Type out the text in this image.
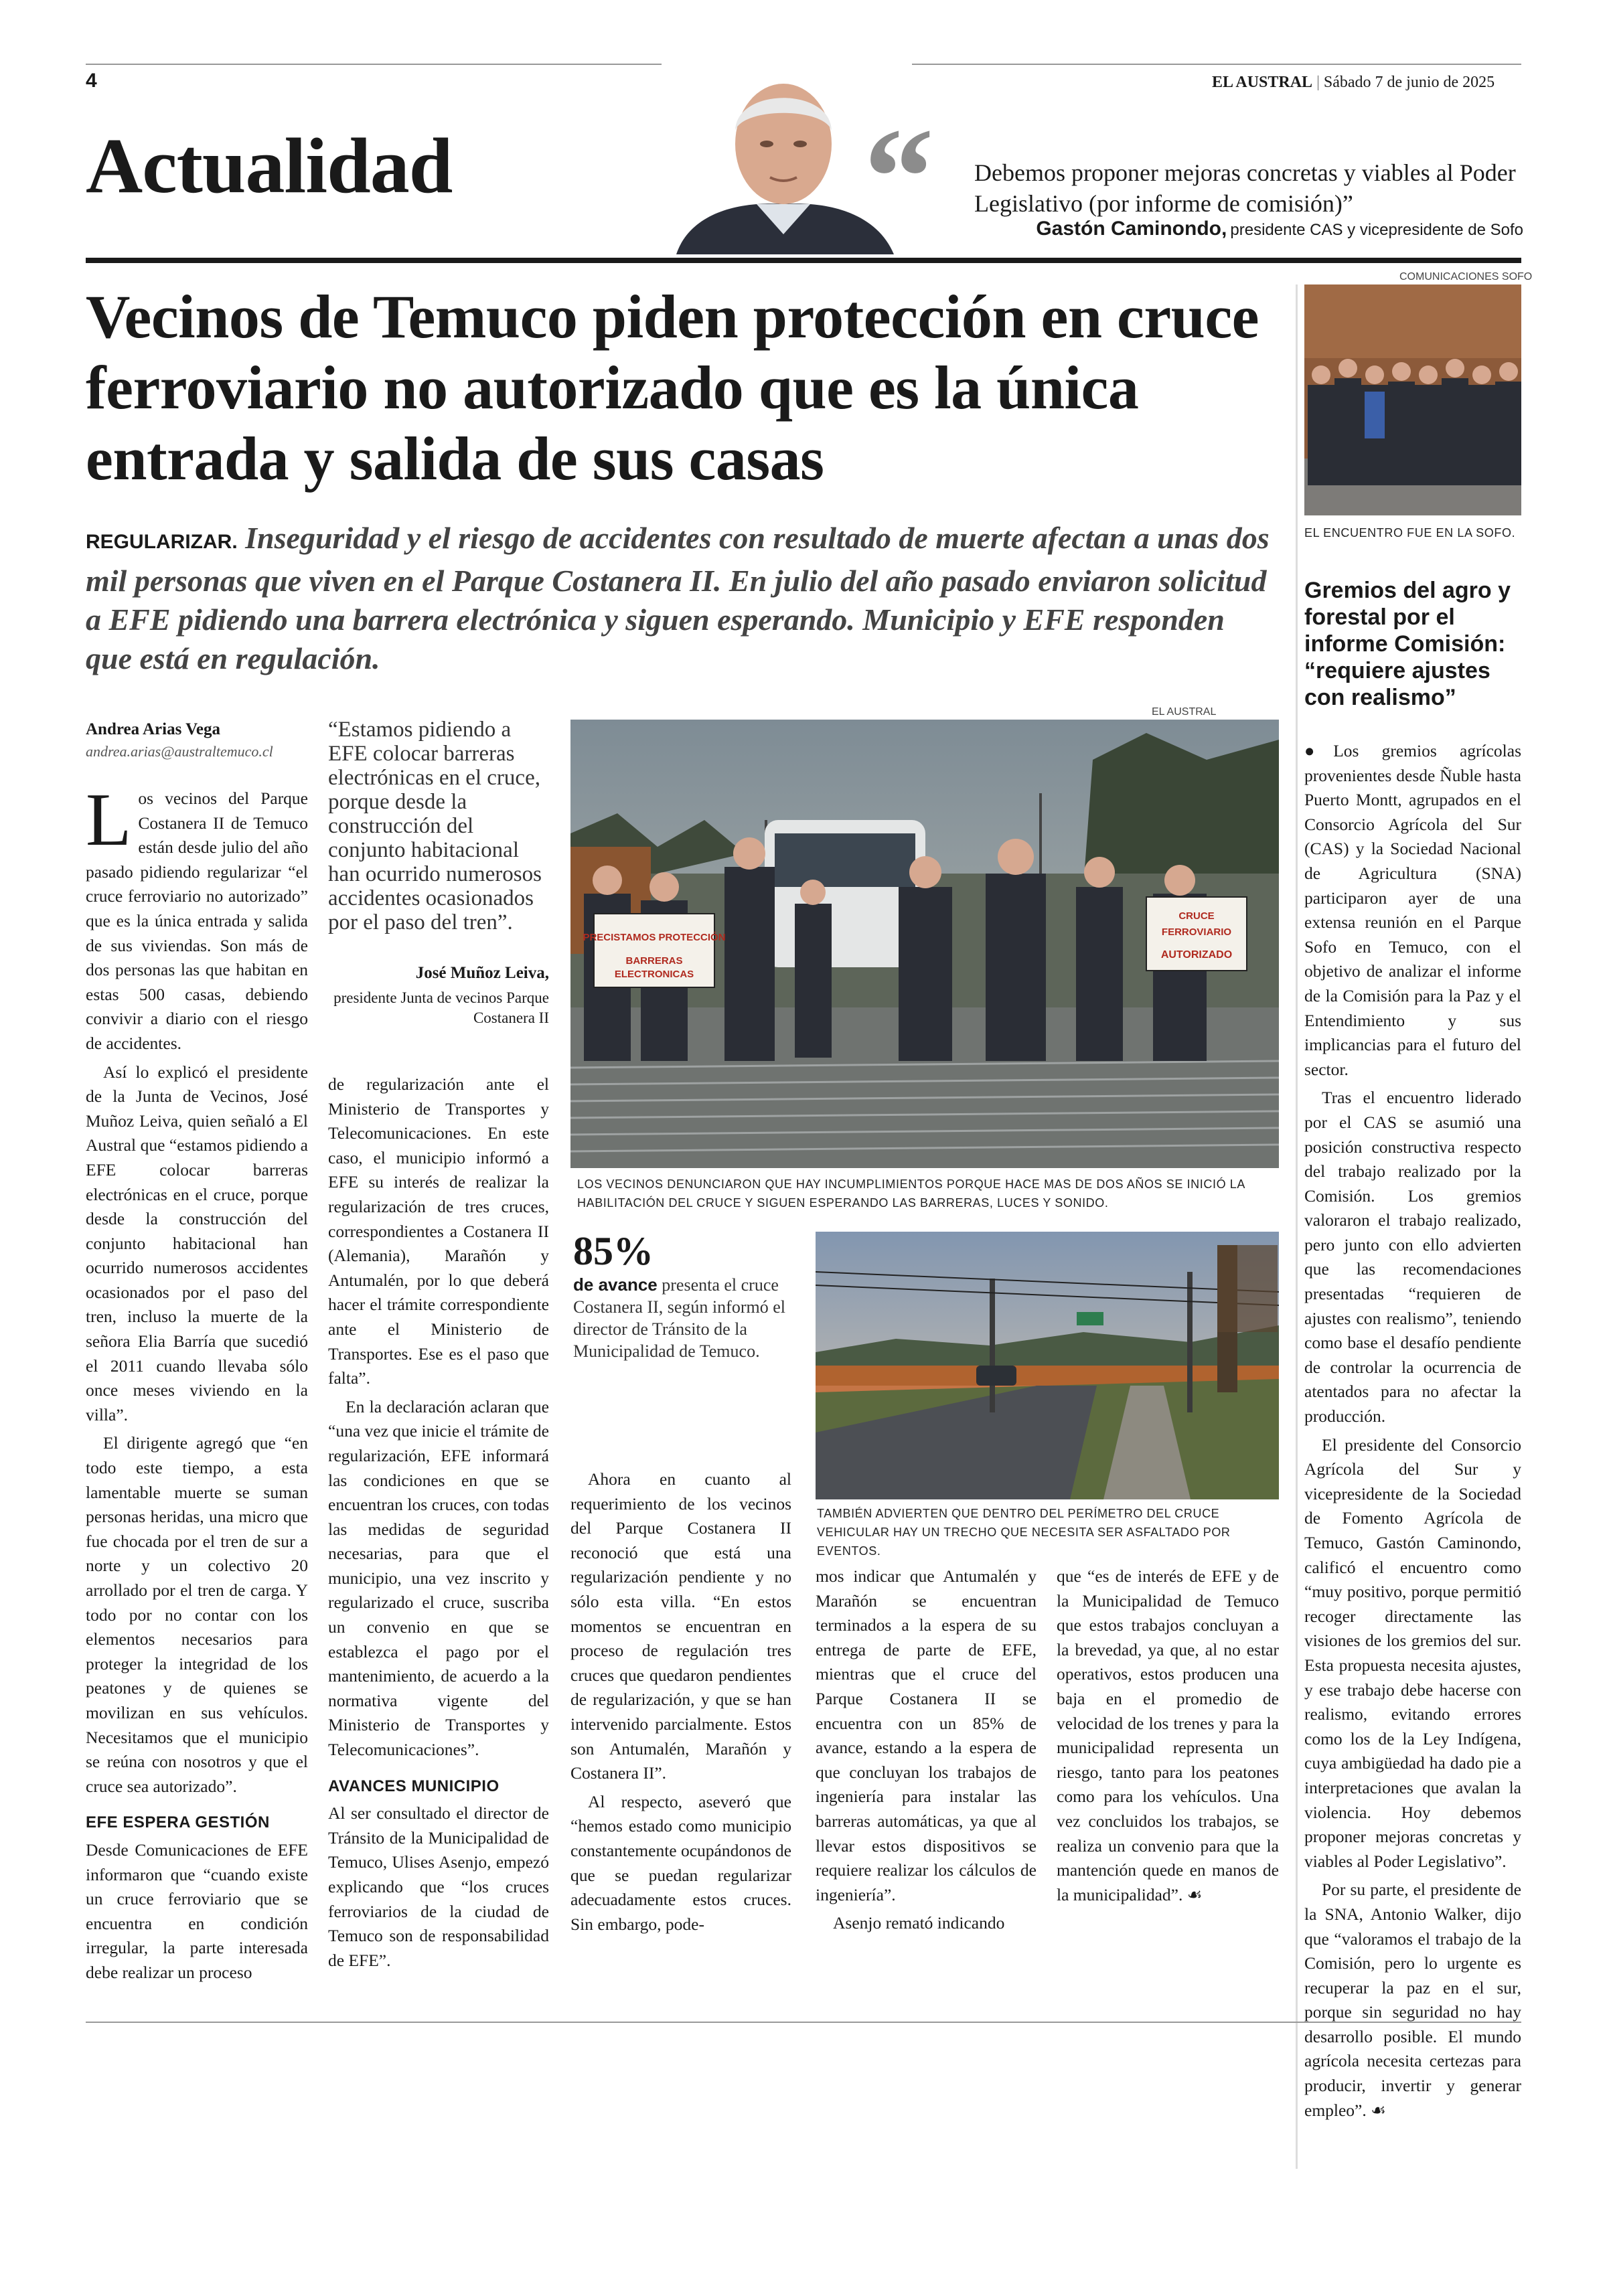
4	EL AUSTRAL | Sábado 7 de junio de 2025
Actualidad	“ Debemos proponer mejoras concretas y viables al Poder Legislativo (por informe de comisión)”
Gastón Caminondo, presidente CAS y vicepresidente de Sofo
Vecinos de Temuco piden protección en cruce ferroviario no autorizado que es la única entrada y salida de sus casas
REGULARIZAR. Inseguridad y el riesgo de accidentes con resultado de muerte afectan a unas dos mil personas que viven en el Parque Costanera II. En julio del año pasado enviaron solicitud a EFE pidiendo una barrera electrónica y siguen esperando. Municipio y EFE responden que está en regulación.
Andrea Arias Vega
andrea.arias@australtemuco.cl

Los vecinos del Parque Costanera II de Temuco están desde julio del año pasado pidiendo regularizar “el cruce ferroviario no autorizado” que es la única entrada y salida de sus viviendas. Son más de dos personas las que habitan en estas 500 casas, debiendo convivir a diario con el riesgo de accidentes.

Así lo explicó el presidente de la Junta de Vecinos, José Muñoz Leiva, quien señaló a El Austral que “estamos pidiendo a EFE colocar barreras electrónicas en el cruce, porque desde la construcción del conjunto habitacional han ocurrido numerosos accidentes ocasionados por el paso del tren, incluso la muerte de la señora Elia Barría que sucedió el 2011 cuando llevaba sólo once meses viviendo en la villa”.

El dirigente agregó que “en todo este tiempo, a esta lamentable muerte se suman personas heridas, una micro que fue chocada por el tren de sur a norte y un colectivo 20 arrollado por el tren de carga. Y todo por no contar con los elementos necesarios para proteger la integridad de los peatones y de quienes se movilizan en sus vehículos. Necesitamos que el municipio se reúna con nosotros y que el cruce sea autorizado”.

EFE ESPERA GESTIÓN

Desde Comunicaciones de EFE informaron que “cuando existe un cruce ferroviario que se encuentra en condición irregular, la parte interesada debe realizar un proceso

“Estamos pidiendo a EFE colocar barreras electrónicas en el cruce, porque desde la construcción del conjunto habitacional han ocurrido numerosos accidentes ocasionados por el paso del tren”.
José Muñoz Leiva,
presidente Junta de vecinos Parque Costanera II

de regularización ante el Ministerio de Transportes y Telecomunicaciones. En este caso, el municipio informó a EFE su interés de realizar la regularización de tres cruces, correspondientes a Costanera II (Alemania), Marañón y Antumalén, por lo que deberá hacer el trámite correspondiente ante el Ministerio de Transportes. Ese es el paso que falta”.

En la declaración aclaran que “una vez que inicie el trámite de regularización, EFE informará las condiciones en que se encuentran los cruces, con todas las medidas de seguridad necesarias, para que el municipio, una vez inscrito y regularizado el cruce, suscriba un convenio en que se establezca el pago por el mantenimiento, de acuerdo a la normativa vigente del Ministerio de Transportes y Telecomunicaciones”.

AVANCES MUNICIPIO

Al ser consultado el director de Tránsito de la Municipalidad de Temuco, Ulises Asenjo, empezó explicando que “los cruces ferroviarios de la ciudad de Temuco son de responsabilidad de EFE”.

EL AUSTRAL
PRECISTAMOS PROTECCIÓN
BARRERAS
ELECTRONICAS
CRUCE
FERROVIARIO
AUTORIZADO
LOS VECINOS DENUNCIARON QUE HAY INCUMPLIMIENTOS PORQUE HACE MAS DE DOS AÑOS SE INICIÓ LA HABILITACIÓN DEL CRUCE Y SIGUEN ESPERANDO LAS BARRERAS, LUCES Y SONIDO.
85%
de avance presenta el cruce Costanera II, según informó el director de Tránsito de la Municipalidad de Temuco.
TAMBIÉN ADVIERTEN QUE DENTRO DEL PERÍMETRO DEL CRUCE VEHICULAR HAY UN TRECHO QUE NECESITA SER ASFALTADO POR EVENTOS.

Ahora en cuanto al requerimiento de los vecinos del Parque Costanera II reconoció que está una regularización pendiente y no sólo esta villa. “En estos momentos se encuentran en proceso de regulación tres cruces que quedaron pendientes de regularización, y que se han intervenido parcialmente. Estos son Antumalén, Marañón y Costanera II”.

Al respecto, aseveró que “hemos estado como municipio constantemente ocupándonos de que se puedan regularizar adecuadamente estos cruces. Sin embargo, pode-

mos indicar que Antumalén y Marañón se encuentran terminados a la espera de su entrega de parte de EFE, mientras que el cruce del Parque Costanera II se encuentra con un 85% de avance, estando a la espera de que concluyan los trabajos de ingeniería para instalar las barreras automáticas, ya que al llevar estos dispositivos se requiere realizar los cálculos de ingeniería”.

Asenjo remató indicando

que “es de interés de EFE y de la Municipalidad de Temuco que estos trabajos concluyan a la brevedad, ya que, al no estar operativos, estos producen una baja en el promedio de velocidad de los trenes y para la municipalidad representa un riesgo, tanto para los peatones como para los vehículos. Una vez concluidos los trabajos, se realiza un convenio para que la mantención quede en manos de la municipalidad”. ☙

COMUNICACIONES SOFO
EL ENCUENTRO FUE EN LA SOFO.
Gremios del agro y forestal por el informe Comisión: “requiere ajustes con realismo”

●Los gremios agrícolas provenientes desde Ñuble hasta Puerto Montt, agrupados en el Consorcio Agrícola del Sur (CAS) y la Sociedad Nacional de Agricultura (SNA) participaron ayer de una extensa reunión en el Parque Sofo en Temuco, con el objetivo de analizar el informe de la Comisión para la Paz y el Entendimiento y sus implicancias para el futuro del sector.

Tras el encuentro liderado por el CAS se asumió una posición constructiva respecto del trabajo realizado por la Comisión. Los gremios valoraron el trabajo realizado, pero junto con ello advierten que las recomendaciones presentadas “requieren de ajustes con realismo”, teniendo como base el desafío pendiente de controlar la ocurrencia de atentados para no afectar la producción.

El presidente del Consorcio Agrícola del Sur y vicepresidente de la Sociedad de Fomento Agrícola de Temuco, Gastón Caminondo, calificó el encuentro como “muy positivo, porque permitió recoger directamente las visiones de los gremios del sur. Esta propuesta necesita ajustes, y ese trabajo debe hacerse con realismo, evitando errores como los de la Ley Indígena, cuya ambigüedad ha dado pie a interpretaciones que avalan la violencia. Hoy debemos proponer mejoras concretas y viables al Poder Legislativo”.

Por su parte, el presidente de la SNA, Antonio Walker, dijo que “valoramos el trabajo de la Comisión, pero lo urgente es recuperar la paz en el sur, porque sin seguridad no hay desarrollo posible. El mundo agrícola necesita certezas para producir, invertir y generar empleo”. ☙
